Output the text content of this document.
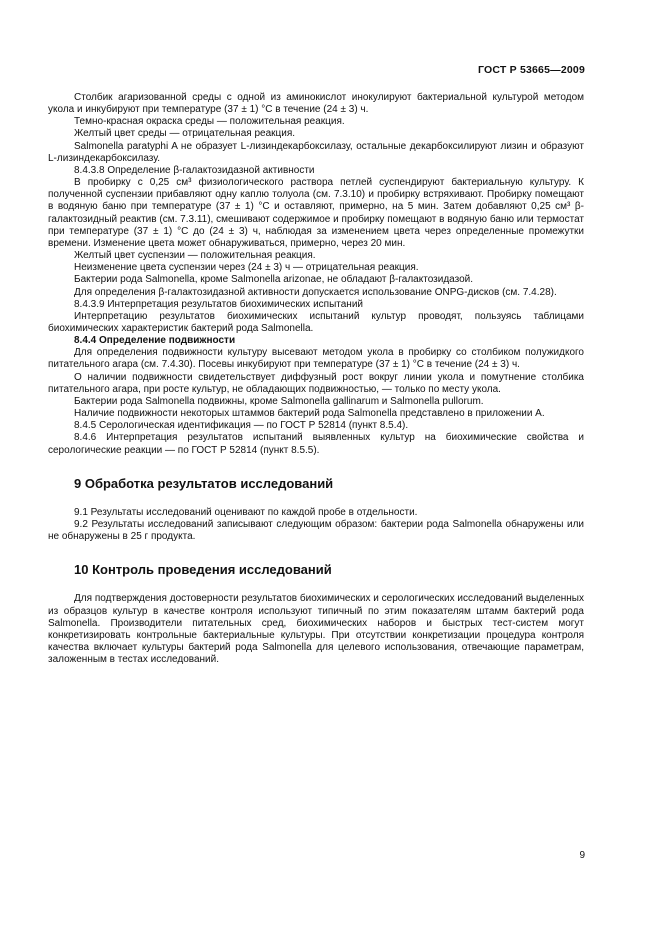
ГОСТ Р 53665—2009

Столбик агаризованной среды с одной из аминокислот инокулируют бактериальной культурой методом укола и инкубируют при температуре (37 ± 1) °С в течение (24 ± 3) ч.

Темно-красная окраска среды — положительная реакция.

Желтый цвет среды — отрицательная реакция.

Salmonella paratyphi A не образует L-лизиндекарбоксилазу, остальные декарбоксилируют лизин и образуют L-лизиндекарбоксилазу.

8.4.3.8 Определение β-галактозидазной активности

В пробирку с 0,25 см³ физиологического раствора петлей суспендируют бактериальную культуру. К полученной суспензии прибавляют одну каплю толуола (см. 7.3.10) и пробирку встряхивают. Пробирку помещают в водяную баню при температуре (37 ± 1) °С и оставляют, примерно, на 5 мин. Затем добавляют 0,25 см³ β-галактозидный реактив (см. 7.3.11), смешивают содержимое и пробирку помещают в водяную баню или термостат при температуре (37 ± 1) °С до (24 ± 3) ч, наблюдая за изменением цвета через определенные промежутки времени. Изменение цвета может обнаруживаться, примерно, через 20 мин.

Желтый цвет суспензии — положительная реакция.

Неизменение цвета суспензии через (24 ± 3) ч — отрицательная реакция.

Бактерии рода Salmonella, кроме Salmonella arizonae, не обладают β-галактозидазой.

Для определения β-галактозидазной активности допускается использование ONPG-дисков (см. 7.4.28).

8.4.3.9 Интерпретация результатов биохимических испытаний

Интерпретацию результатов биохимических испытаний культур проводят, пользуясь таблицами биохимических характеристик бактерий рода Salmonella.

8.4.4 Определение подвижности

Для определения подвижности культуру высевают методом укола в пробирку со столбиком полужидкого питательного агара (см. 7.4.30). Посевы инкубируют при температуре (37 ± 1) °С в течение (24 ± 3) ч.

О наличии подвижности свидетельствует диффузный рост вокруг линии укола и помутнение столбика питательного агара, при росте культур, не обладающих подвижностью, — только по месту укола.

Бактерии рода Salmonella подвижны, кроме Salmonella gallinarum и Salmonella pullorum.

Наличие подвижности некоторых штаммов бактерий рода Salmonella представлено в приложении А.

8.4.5 Серологическая идентификация — по ГОСТ Р 52814 (пункт 8.5.4).

8.4.6 Интерпретация результатов испытаний выявленных культур на биохимические свойства и серологические реакции — по ГОСТ Р 52814 (пункт 8.5.5).

9 Обработка результатов исследований

9.1 Результаты исследований оценивают по каждой пробе в отдельности.

9.2 Результаты исследований записывают следующим образом: бактерии рода Salmonella обнаружены или не обнаружены в 25 г продукта.

10 Контроль проведения исследований

Для подтверждения достоверности результатов биохимических и серологических исследований выделенных из образцов культур в качестве контроля используют типичный по этим показателям штамм бактерий рода Salmonella. Производители питательных сред, биохимических наборов и быстрых тест-систем могут конкретизировать контрольные бактериальные культуры. При отсутствии конкретизации процедура контроля качества включает культуры бактерий рода Salmonella для целевого использования, отвечающие параметрам, заложенным в тестах исследований.

9
